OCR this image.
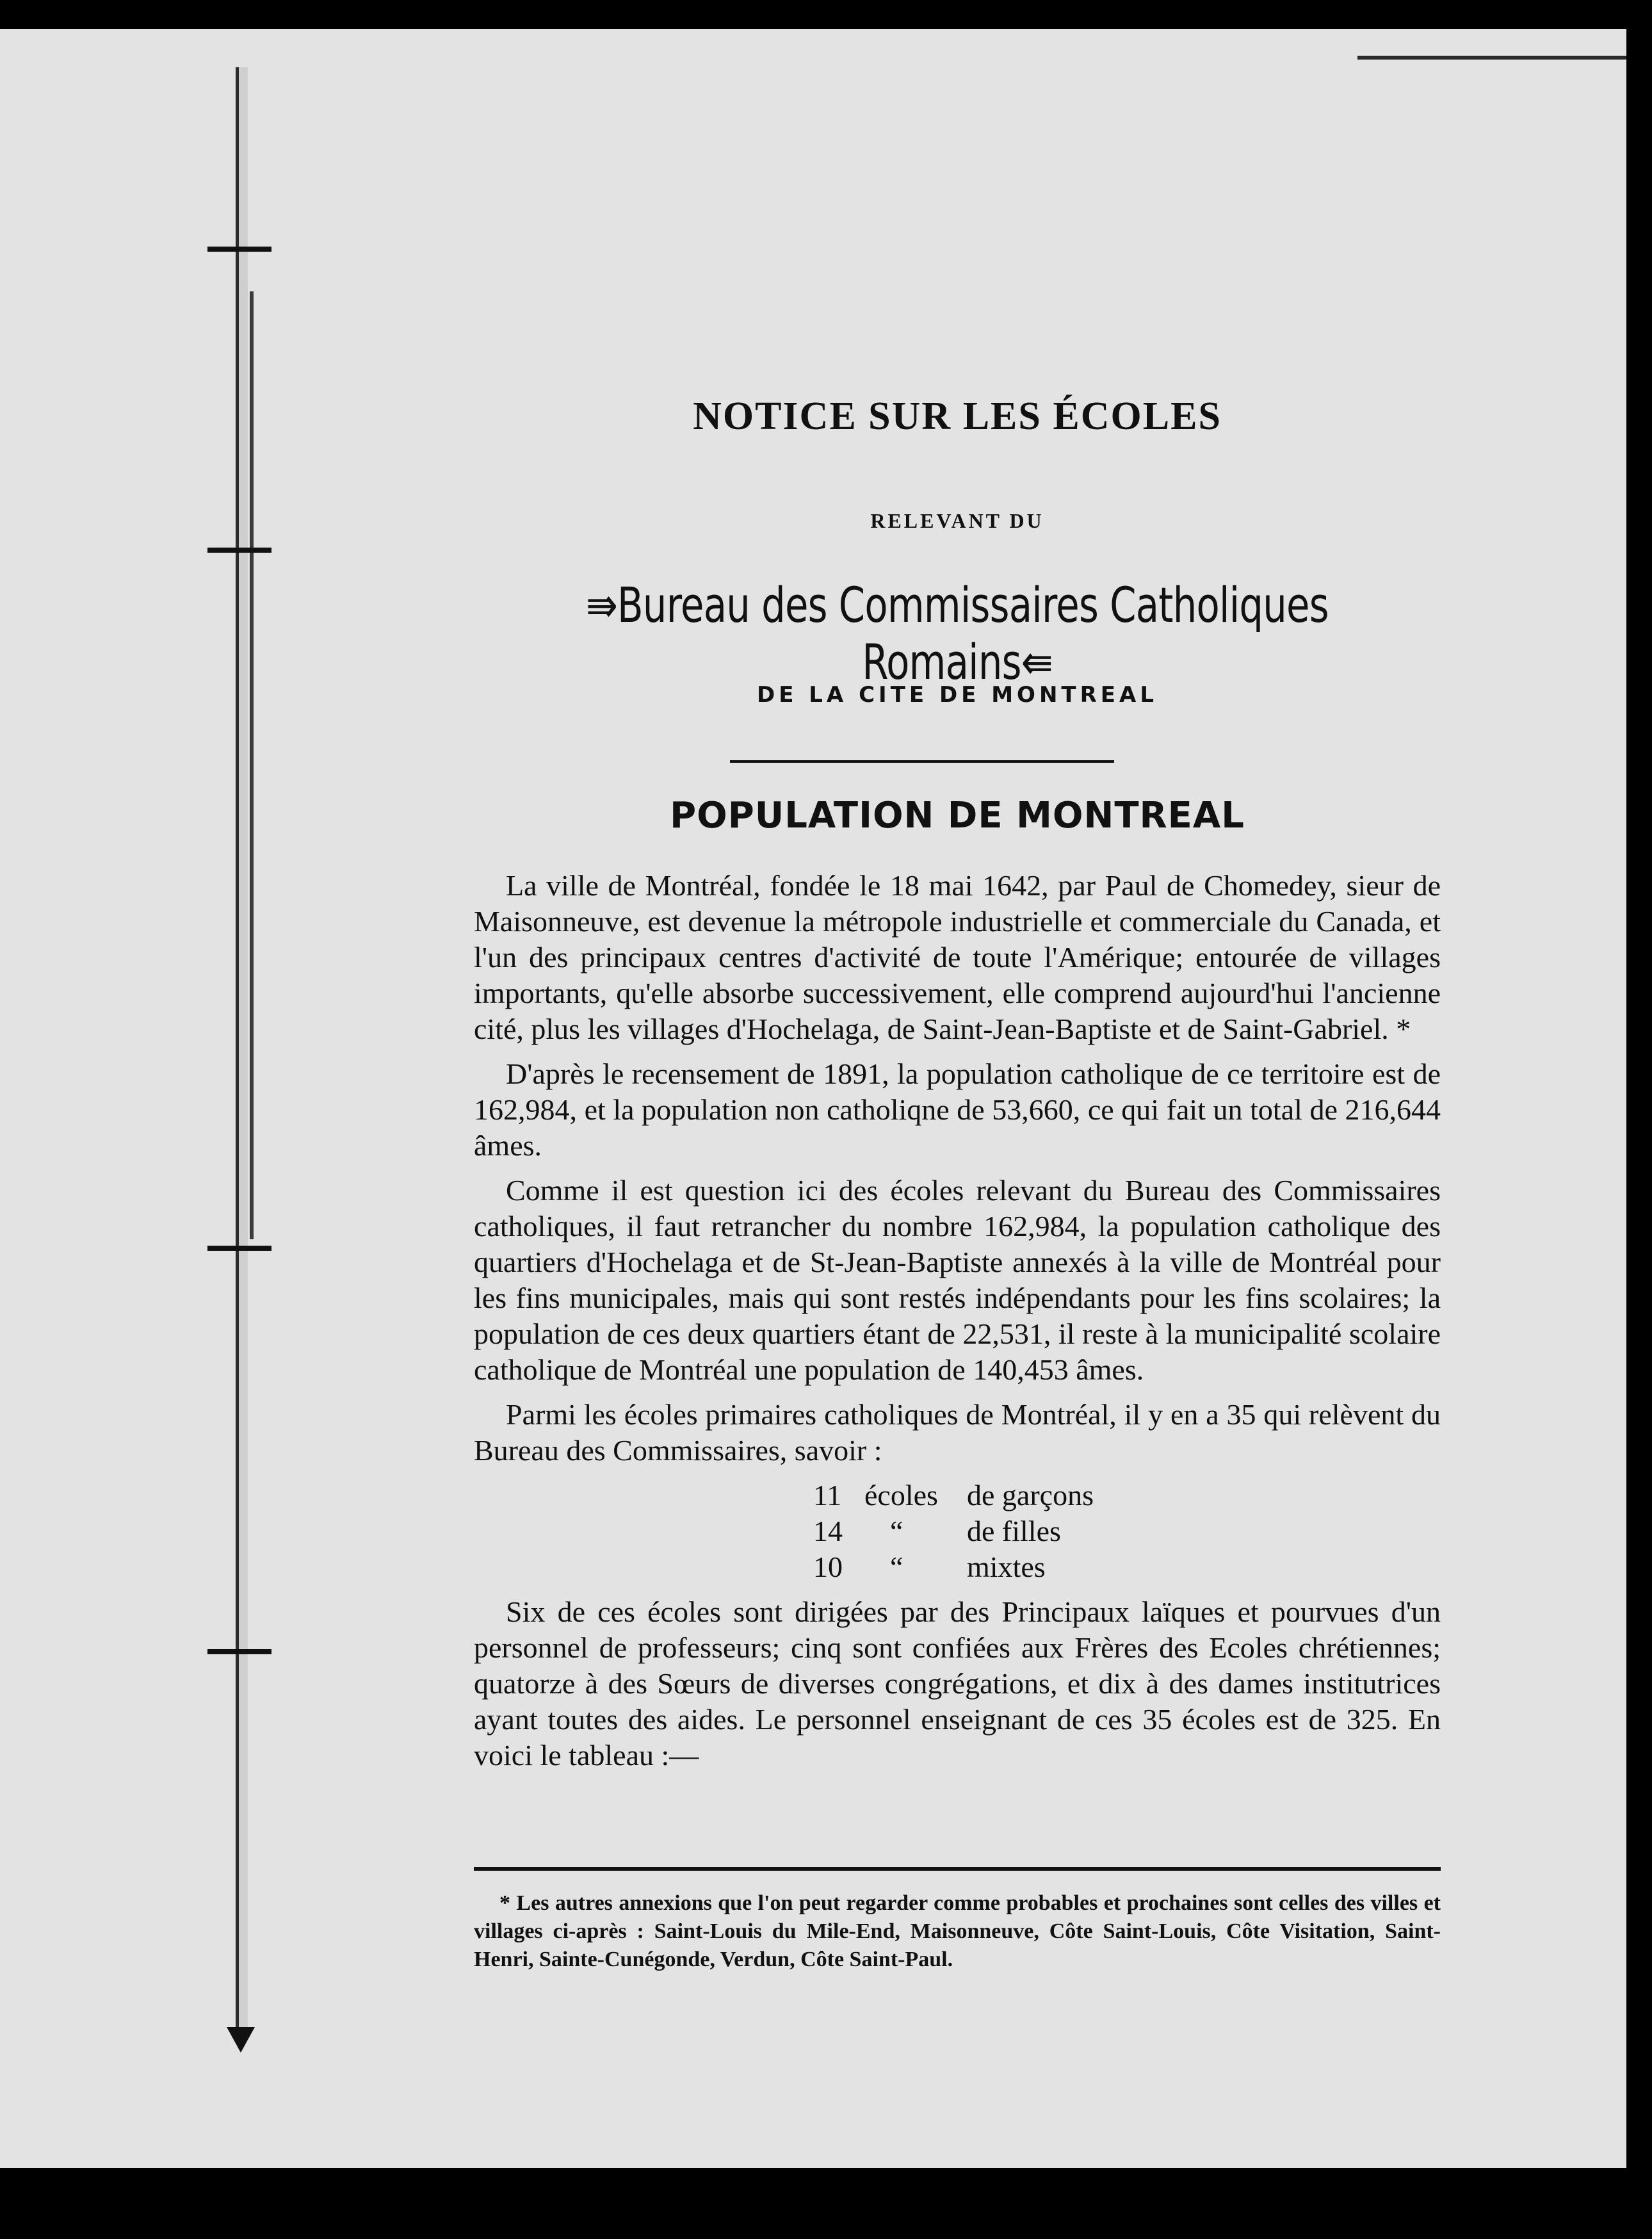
NOTICE SUR LES ÉCOLES
RELEVANT DU
⇛Bureau des Commissaires Catholiques Romains⇚
DE LA CITE DE MONTREAL
POPULATION DE MONTREAL

La ville de Montréal, fondée le 18 mai 1642, par Paul de Chomedey, sieur de Maisonneuve, est devenue la métropole industrielle et commerciale du Canada, et l'un des principaux centres d'activité de toute l'Amérique; entourée de villages importants, qu'elle absorbe successivement, elle comprend aujourd'hui l'ancienne cité, plus les villages d'Hochelaga, de Saint-Jean-Baptiste et de Saint-Gabriel. *

D'après le recensement de 1891, la population catholique de ce territoire est de 162,984, et la population non catholiqne de 53,660, ce qui fait un total de 216,644 âmes.

Comme il est question ici des écoles relevant du Bureau des Commissaires catholiques, il faut retrancher du nombre 162,984, la population catholique des quartiers d'Hochelaga et de St-Jean-Baptiste annexés à la ville de Montréal pour les fins municipales, mais qui sont restés indépendants pour les fins scolaires; la population de ces deux quartiers étant de 22,531, il reste à la municipalité scolaire catholique de Montréal une population de 140,453 âmes.

Parmi les écoles primaires catholiques de Montréal, il y en a 35 qui relèvent du Bureau des Commissaires, savoir :

11 écoles de garçons
14	“	de filles
10	“	mixtes

Six de ces écoles sont dirigées par des Principaux laïques et pourvues d'un personnel de professeurs; cinq sont confiées aux Frères des Ecoles chrétiennes; quatorze à des Sœurs de diverses congrégations, et dix à des dames institutrices ayant toutes des aides. Le personnel enseignant de ces 35 écoles est de 325. En voici le tableau :—

* Les autres annexions que l'on peut regarder comme probables et prochaines sont celles des villes et villages ci-après : Saint-Louis du Mile-End, Maisonneuve, Côte Saint-Louis, Côte Visitation, Saint-Henri, Sainte-Cunégonde, Verdun, Côte Saint-Paul.
